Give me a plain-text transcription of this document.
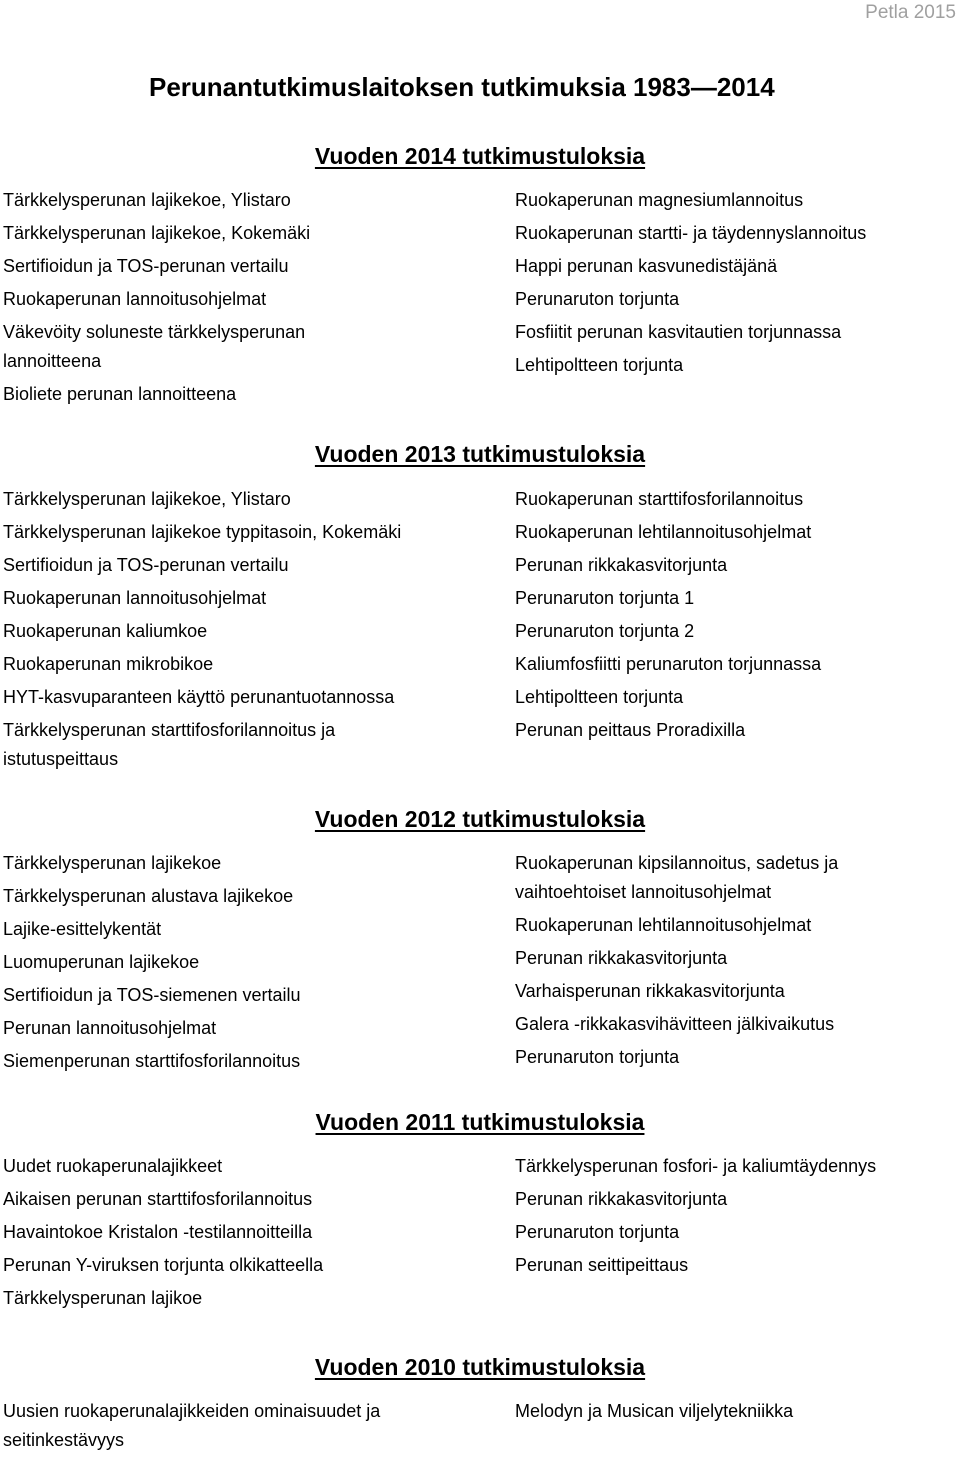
Petla 2015
Perunantutkimuslaitoksen tutkimuksia 1983—2014
Vuoden 2014 tutkimustuloksia
Tärkkelysperunan lajikekoe, Ylistaro
Tärkkelysperunan lajikekoe, Kokemäki
Sertifioidun ja TOS-perunan vertailu
Ruokaperunan lannoitusohjelmat
Väkevöity soluneste tärkkelysperunan lannoitteena
Bioliete perunan lannoitteena
Ruokaperunan magnesiumlannoitus
Ruokaperunan startti- ja täydennyslannoitus
Happi perunan kasvunedistäjänä
Perunaruton torjunta
Fosfiitit perunan kasvitautien torjunnassa
Lehtipoltteen torjunta
Vuoden 2013 tutkimustuloksia
Tärkkelysperunan lajikekoe, Ylistaro
Tärkkelysperunan lajikekoe typpitasoin, Kokemäki
Sertifioidun ja TOS-perunan vertailu
Ruokaperunan lannoitusohjelmat
Ruokaperunan kaliumkoe
Ruokaperunan mikrobikoe
HYT-kasvuparanteen käyttö perunantuotannossa
Tärkkelysperunan starttifosforilannoitus ja istutuspeittaus
Ruokaperunan starttifosforilannoitus
Ruokaperunan lehtilannoitusohjelmat
Perunan rikkakasvitorjunta
Perunaruton torjunta 1
Perunaruton torjunta 2
Kaliumfosfiitti perunaruton torjunnassa
Lehtipoltteen torjunta
Perunan peittaus Proradixilla
Vuoden 2012 tutkimustuloksia
Tärkkelysperunan lajikekoe
Tärkkelysperunan alustava lajikekoe
Lajike-esittelykentät
Luomuperunan lajikekoe
Sertifioidun ja TOS-siemenen vertailu
Perunan lannoitusohjelmat
Siemenperunan starttifosforilannoitus
Ruokaperunan kipsilannoitus, sadetus ja vaihtoehtoiset lannoitusohjelmat
Ruokaperunan lehtilannoitusohjelmat
Perunan rikkakasvitorjunta
Varhaisperunan rikkakasvitorjunta
Galera -rikkakasvihävitteen jälkivaikutus
Perunaruton torjunta
Vuoden 2011 tutkimustuloksia
Uudet ruokaperunalajikkeet
Aikaisen perunan starttifosforilannoitus
Havaintokoe Kristalon -testilannoitteilla
Perunan Y-viruksen torjunta olkikatteella
Tärkkelysperunan lajikoe
Tärkkelysperunan fosfori- ja kaliumtäydennys
Perunan rikkakasvitorjunta
Perunaruton torjunta
Perunan seittipeittaus
Vuoden 2010 tutkimustuloksia
Uusien ruokaperunalajikkeiden ominaisuudet ja seitinkestävyys
Melodyn ja Musican viljelytekniikka
